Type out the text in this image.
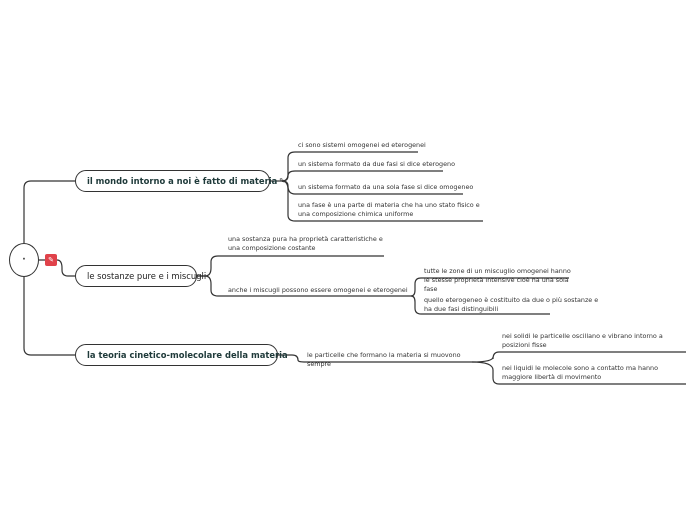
·	✎
il mondo intorno a noi è fatto di materia ✎
ci sono sistemi omogenei ed eterogenei
un sistema formato da due fasi si dice eterogeno
un sistema formato da una sola fase si dice omogeneo
una fase è una parte di materia che ha uno stato fisico e una composizione chimica uniforme
le sostanze pure e i miscugli
una sostanza pura ha proprietà caratteristiche e una composizione costante
anche i miscugli possono essere omogenei e eterogenei
tutte le zone di un miscuglio omogenei hanno le stesse proprietà intensive cioè ha una sola fase
quello eterogeneo è costituito da due o più sostanze e ha due fasi distinguibili
la teoria cinetico-molecolare della materia	le particelle che formano la materia si muovono sempre
nei solidi le particelle oscillano e vibrano intorno a posizioni fisse
nei liquidi le molecole sono a contatto ma hanno maggiore libertà di movimento
